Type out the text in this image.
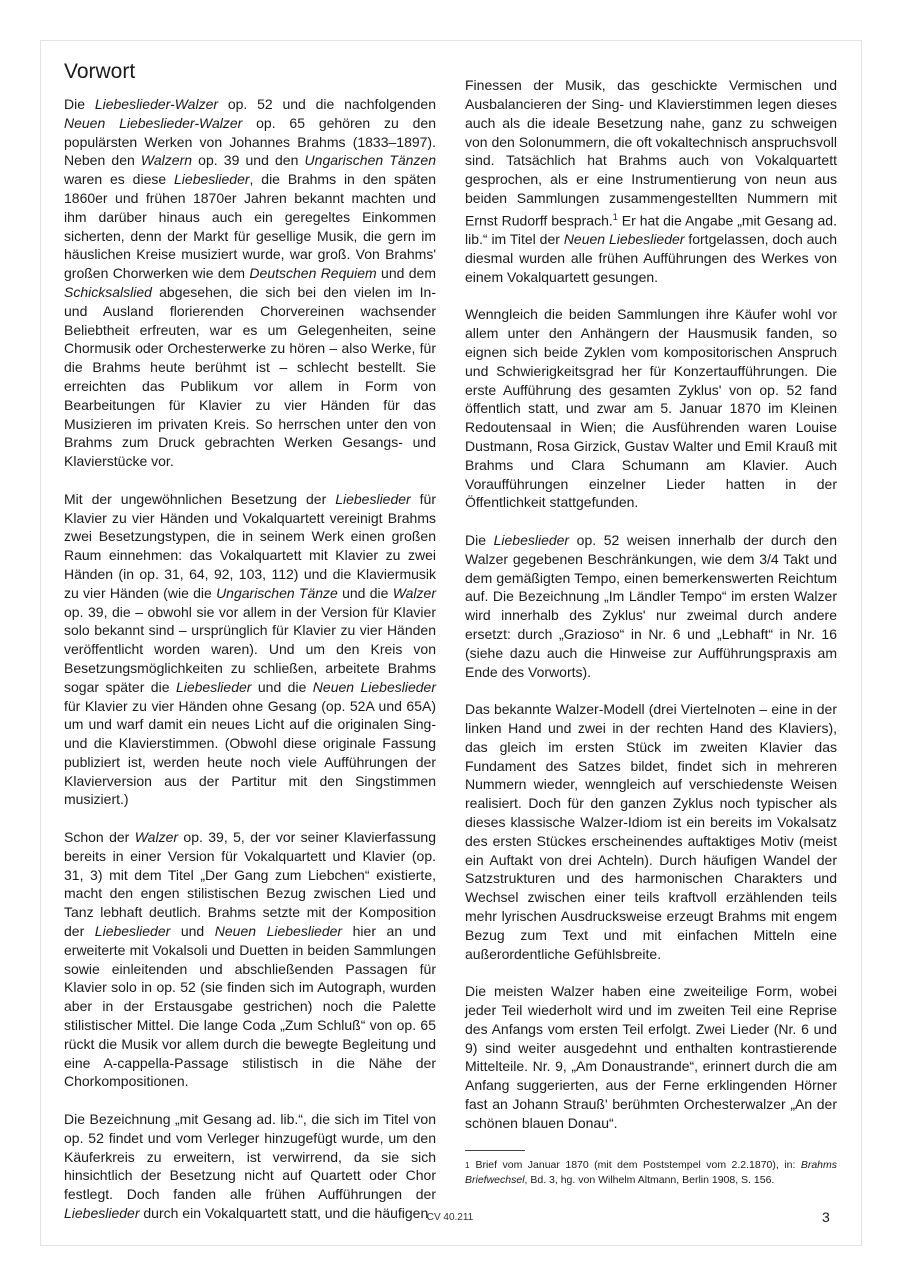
Vorwort

Die Liebeslieder-Walzer op. 52 und die nachfolgenden Neuen Liebeslieder-Walzer op. 65 gehören zu den populärsten Werken von Johannes Brahms (1833–1897). Neben den Walzern op. 39 und den Ungarischen Tänzen waren es diese Liebeslieder, die Brahms in den späten 1860er und frühen 1870er Jahren bekannt machten und ihm darüber hinaus auch ein geregeltes Einkommen sicherten, denn der Markt für gesellige Musik, die gern im häuslichen Kreise musiziert wurde, war groß. Von Brahms' großen Chorwerken wie dem Deutschen Requiem und dem Schicksalslied abgesehen, die sich bei den vielen im In- und Ausland florierenden Chorvereinen wachsender Beliebtheit erfreuten, war es um Gelegenheiten, seine Chormusik oder Orchesterwerke zu hören – also Werke, für die Brahms heute berühmt ist – schlecht bestellt. Sie erreichten das Publikum vor allem in Form von Bearbeitungen für Klavier zu vier Händen für das Musizieren im privaten Kreis. So herrschen unter den von Brahms zum Druck gebrachten Werken Gesangs- und Klavierstücke vor.

Mit der ungewöhnlichen Besetzung der Liebeslieder für Klavier zu vier Händen und Vokalquartett vereinigt Brahms zwei Besetzungstypen, die in seinem Werk einen großen Raum einnehmen: das Vokalquartett mit Klavier zu zwei Händen (in op. 31, 64, 92, 103, 112) und die Klaviermusik zu vier Händen (wie die Ungarischen Tänze und die Walzer op. 39, die – obwohl sie vor allem in der Version für Klavier solo bekannt sind – ursprünglich für Klavier zu vier Händen veröffentlicht worden waren). Und um den Kreis von Besetzungsmöglichkeiten zu schließen, arbeitete Brahms sogar später die Liebeslieder und die Neuen Liebeslieder für Klavier zu vier Händen ohne Gesang (op. 52A und 65A) um und warf damit ein neues Licht auf die originalen Sing- und die Klavierstimmen. (Obwohl diese originale Fassung publiziert ist, werden heute noch viele Aufführungen der Klavierversion aus der Partitur mit den Singstimmen musiziert.)

Schon der Walzer op. 39, 5, der vor seiner Klavierfassung bereits in einer Version für Vokalquartett und Klavier (op. 31, 3) mit dem Titel „Der Gang zum Liebchen“ existierte, macht den engen stilistischen Bezug zwischen Lied und Tanz lebhaft deutlich. Brahms setzte mit der Komposition der Liebeslieder und Neuen Liebeslieder hier an und erweiterte mit Vokalsoli und Duetten in beiden Sammlungen sowie einleitenden und abschließenden Passagen für Klavier solo in op. 52 (sie finden sich im Autograph, wurden aber in der Erstausgabe gestrichen) noch die Palette stilistischer Mittel. Die lange Coda „Zum Schluß“ von op. 65 rückt die Musik vor allem durch die bewegte Begleitung und eine A-cappella-Passage stilistisch in die Nähe der Chorkompositionen.

Die Bezeichnung „mit Gesang ad. lib.“, die sich im Titel von op. 52 findet und vom Verleger hinzugefügt wurde, um den Käuferkreis zu erweitern, ist verwirrend, da sie sich hinsichtlich der Besetzung nicht auf Quartett oder Chor festlegt. Doch fanden alle frühen Aufführungen der Liebeslieder durch ein Vokalquartett statt, und die häufigen

Finessen der Musik, das geschickte Vermischen und Ausbalancieren der Sing- und Klavierstimmen legen dieses auch als die ideale Besetzung nahe, ganz zu schweigen von den Solonummern, die oft vokaltechnisch anspruchsvoll sind. Tatsächlich hat Brahms auch von Vokalquartett gesprochen, als er eine Instrumentierung von neun aus beiden Sammlungen zusammengestellten Nummern mit Ernst Rudorff besprach.$^1$ Er hat die Angabe „mit Gesang ad. lib.“ im Titel der Neuen Liebeslieder fortgelassen, doch auch diesmal wurden alle frühen Aufführungen des Werkes von einem Vokalquartett gesungen.

Wenngleich die beiden Sammlungen ihre Käufer wohl vor allem unter den Anhängern der Hausmusik fanden, so eignen sich beide Zyklen vom kompositorischen Anspruch und Schwierigkeitsgrad her für Konzertaufführungen. Die erste Aufführung des gesamten Zyklus' von op. 52 fand öffentlich statt, und zwar am 5. Januar 1870 im Kleinen Redoutensaal in Wien; die Ausführenden waren Louise Dustmann, Rosa Girzick, Gustav Walter und Emil Krauß mit Brahms und Clara Schumann am Klavier. Auch Voraufführungen einzelner Lieder hatten in der Öffentlichkeit stattgefunden.

Die Liebeslieder op. 52 weisen innerhalb der durch den Walzer gegebenen Beschränkungen, wie dem 3/4 Takt und dem gemäßigten Tempo, einen bemerkenswerten Reichtum auf. Die Bezeichnung „Im Ländler Tempo“ im ersten Walzer wird innerhalb des Zyklus' nur zweimal durch andere ersetzt: durch „Grazioso“ in Nr. 6 und „Lebhaft“ in Nr. 16 (siehe dazu auch die Hinweise zur Aufführungspraxis am Ende des Vorworts).

Das bekannte Walzer-Modell (drei Viertelnoten – eine in der linken Hand und zwei in der rechten Hand des Klaviers), das gleich im ersten Stück im zweiten Klavier das Fundament des Satzes bildet, findet sich in mehreren Nummern wieder, wenngleich auf verschiedenste Weisen realisiert. Doch für den ganzen Zyklus noch typischer als dieses klassische Walzer-Idiom ist ein bereits im Vokalsatz des ersten Stückes erscheinendes auftaktiges Motiv (meist ein Auftakt von drei Achteln). Durch häufigen Wandel der Satzstrukturen und des harmonischen Charakters und Wechsel zwischen einer teils kraftvoll erzählenden teils mehr lyrischen Ausdrucksweise erzeugt Brahms mit engem Bezug zum Text und mit einfachen Mitteln eine außerordentliche Gefühlsbreite.

Die meisten Walzer haben eine zweiteilige Form, wobei jeder Teil wiederholt wird und im zweiten Teil eine Reprise des Anfangs vom ersten Teil erfolgt. Zwei Lieder (Nr. 6 und 9) sind weiter ausgedehnt und enthalten kontrastierende Mittelteile. Nr. 9, „Am Donaustrande“, erinnert durch die am Anfang suggerierten, aus der Ferne erklingenden Hörner fast an Johann Strauß' berühmten Orchesterwalzer „An der schönen blauen Donau“.

$^1$ Brief vom Januar 1870 (mit dem Poststempel vom 2.2.1870), in: Brahms Briefwechsel, Bd. 3, hg. von Wilhelm Altmann, Berlin 1908, S. 156.
CV 40.211	3
